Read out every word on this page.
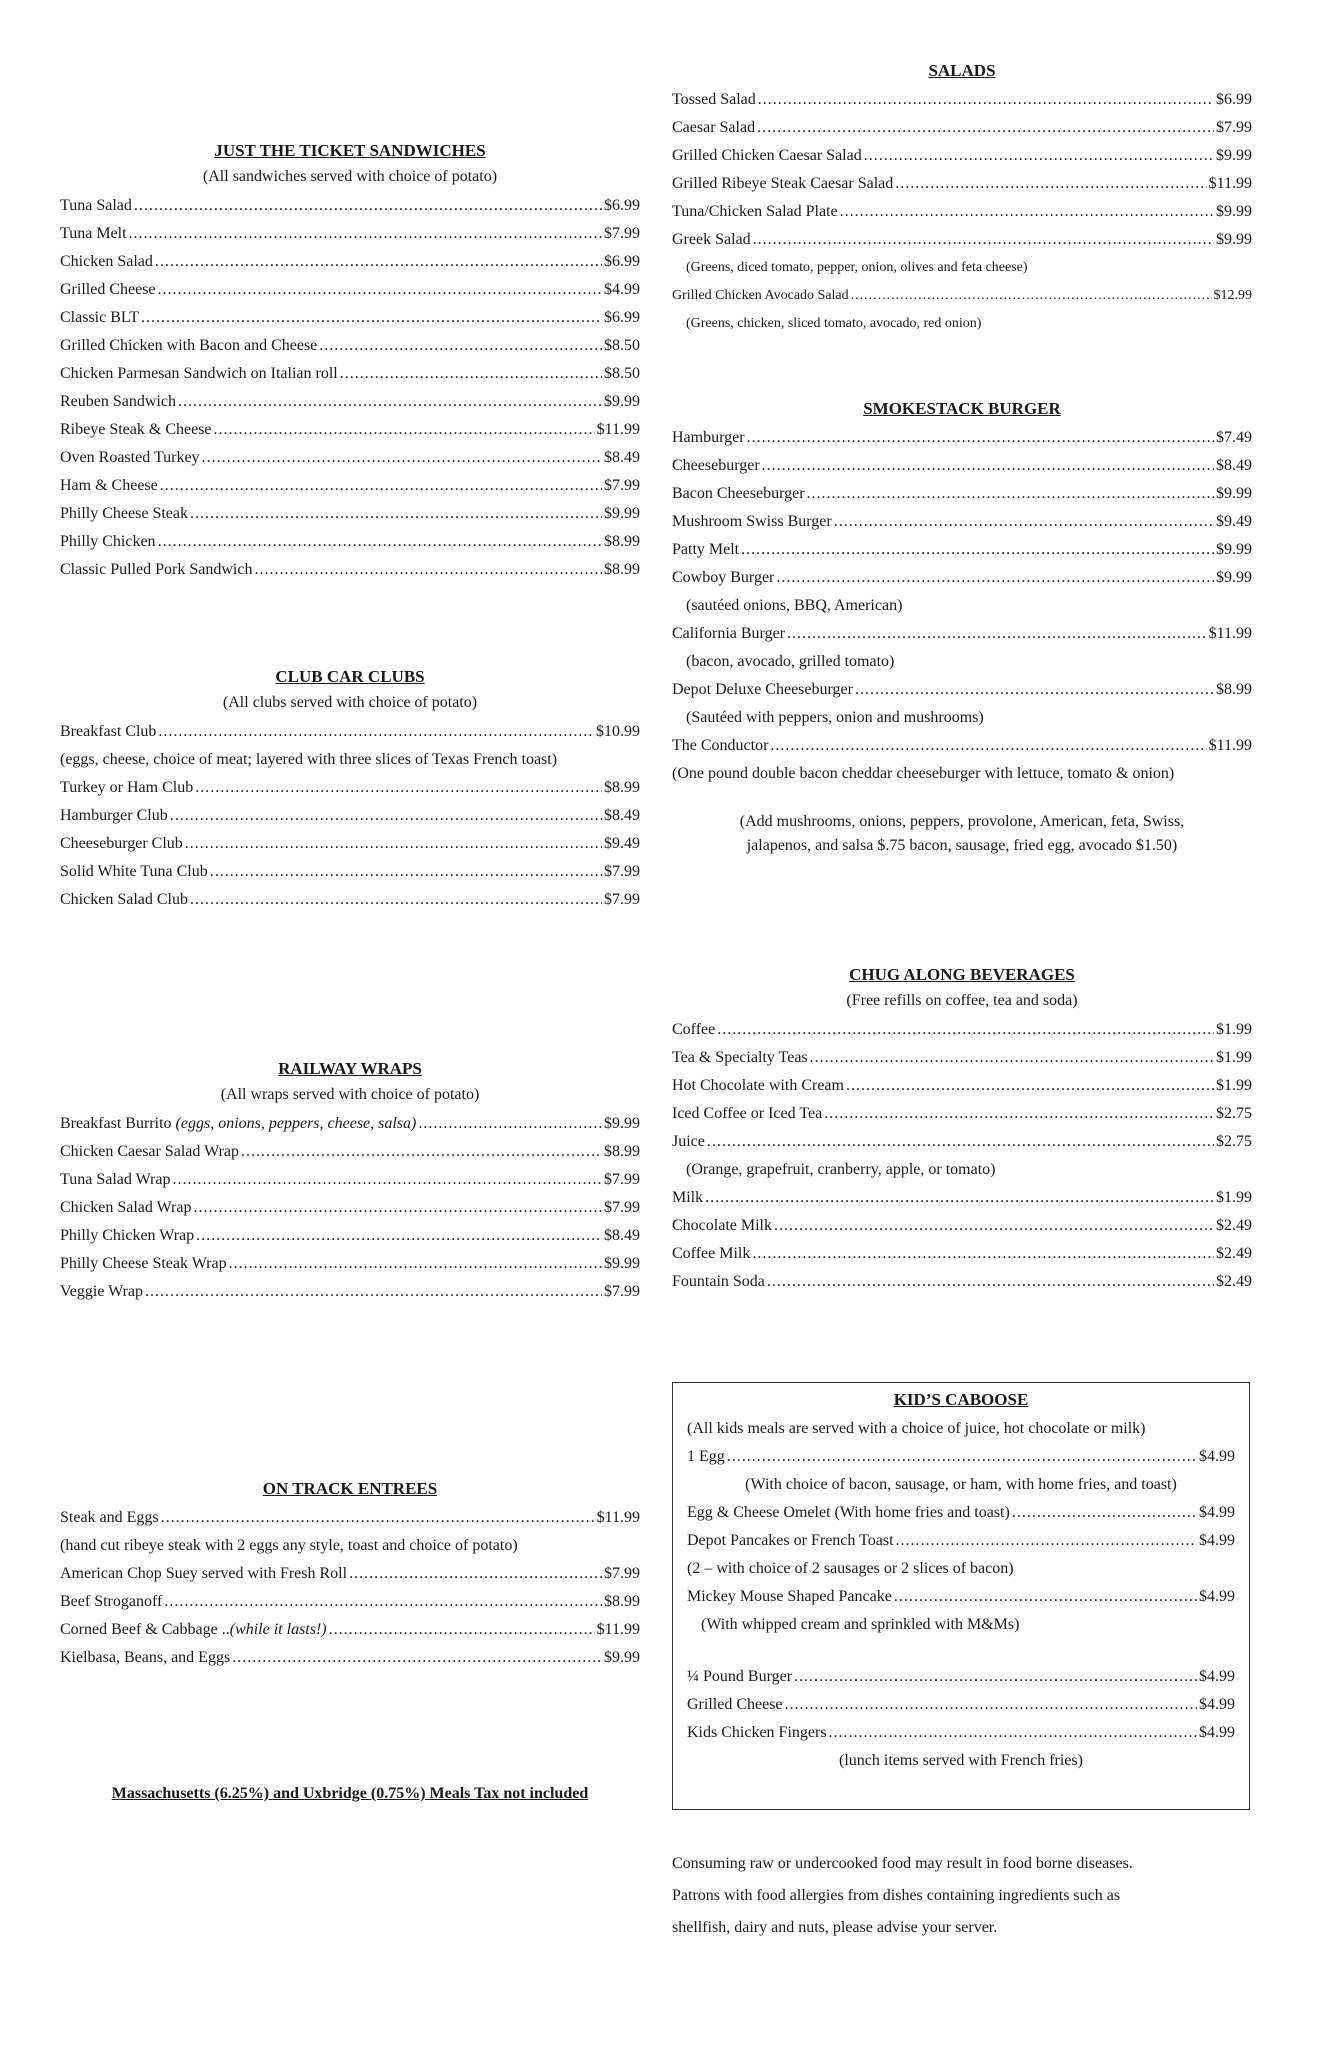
JUST THE TICKET SANDWICHES
(All sandwiches served with choice of potato)
Tuna Salad .....	$6.99
Tuna Melt .....	$7.99
Chicken Salad .....	$6.99
Grilled Cheese .....	$4.99
Classic BLT .....	$6.99
Grilled Chicken with Bacon and Cheese .....	$8.50
Chicken Parmesan Sandwich on Italian roll .....	$8.50
Reuben Sandwich .....	$9.99
Ribeye Steak & Cheese .....	$11.99
Oven Roasted Turkey .....	$8.49
Ham & Cheese .....	$7.99
Philly Cheese Steak .....	$9.99
Philly Chicken .....	$8.99
Classic Pulled Pork Sandwich .....	$8.99
CLUB CAR CLUBS
(All clubs served with choice of potato)
Breakfast Club .....	$10.99
(eggs, cheese, choice of meat; layered with three slices of Texas French toast)
Turkey or Ham Club .....	$8.99
Hamburger Club .....	$8.49
Cheeseburger Club .....	$9.49
Solid White Tuna Club .....	$7.99
Chicken Salad Club .....	$7.99
RAILWAY WRAPS
(All wraps served with choice of potato)
Breakfast Burrito (eggs, onions, peppers, cheese, salsa) .....	$9.99
Chicken Caesar Salad Wrap .....	$8.99
Tuna Salad Wrap .....	$7.99
Chicken Salad Wrap .....	$7.99
Philly Chicken Wrap .....	$8.49
Philly Cheese Steak Wrap .....	$9.99
Veggie Wrap .....	$7.99
ON TRACK ENTREES
Steak and Eggs .....	$11.99
(hand cut ribeye steak with 2 eggs any style, toast and choice of potato)
American Chop Suey served with Fresh Roll .....	$7.99
Beef Stroganoff .....	$8.99
Corned Beef & Cabbage ..(while it lasts!) .....	$11.99
Kielbasa, Beans, and Eggs .....	$9.99
Massachusetts (6.25%) and Uxbridge (0.75%) Meals Tax not included
SALADS
Tossed Salad .....	$6.99
Caesar Salad .....	$7.99
Grilled Chicken Caesar Salad .....	$9.99
Grilled Ribeye Steak Caesar Salad .....	$11.99
Tuna/Chicken Salad Plate .....	$9.99
Greek Salad .....	$9.99
(Greens, diced tomato, pepper, onion, olives and feta cheese)
Grilled Chicken Avocado Salad .....	$12.99
(Greens, chicken, sliced tomato, avocado, red onion)
SMOKESTACK BURGER
Hamburger .....	$7.49
Cheeseburger .....	$8.49
Bacon Cheeseburger .....	$9.99
Mushroom Swiss Burger .....	$9.49
Patty Melt .....	$9.99
Cowboy Burger .....	$9.99
(sautéed onions, BBQ, American)
California Burger .....	$11.99
(bacon, avocado, grilled tomato)
Depot Deluxe Cheeseburger .....	$8.99
(Sautéed with peppers, onion and mushrooms)
The Conductor .....	$11.99
(One pound double bacon cheddar cheeseburger with lettuce, tomato & onion)
(Add mushrooms, onions, peppers, provolone, American, feta, Swiss,
jalapenos, and salsa $.75 bacon, sausage, fried egg, avocado $1.50)
CHUG ALONG BEVERAGES
(Free refills on coffee, tea and soda)
Coffee .....	$1.99
Tea & Specialty Teas .....	$1.99
Hot Chocolate with Cream .....	$1.99
Iced Coffee or Iced Tea .....	$2.75
Juice .....	$2.75
(Orange, grapefruit, cranberry, apple, or tomato)
Milk .....	$1.99
Chocolate Milk .....	$2.49
Coffee Milk .....	$2.49
Fountain Soda .....	$2.49
KID’S CABOOSE
(All kids meals are served with a choice of juice, hot chocolate or milk)
1 Egg .....	$4.99
(With choice of bacon, sausage, or ham, with home fries, and toast)
Egg & Cheese Omelet (With home fries and toast) .....	$4.99
Depot Pancakes or French Toast .....	$4.99
(2 – with choice of 2 sausages or 2 slices of bacon)
Mickey Mouse Shaped Pancake .....	$4.99
(With whipped cream and sprinkled with M&Ms)
¼ Pound Burger .....	$4.99
Grilled Cheese .....	$4.99
Kids Chicken Fingers .....	$4.99
(lunch items served with French fries)
Consuming raw or undercooked food may result in food borne diseases.
Patrons with food allergies from dishes containing ingredients such as
shellfish, dairy and nuts, please advise your server.
